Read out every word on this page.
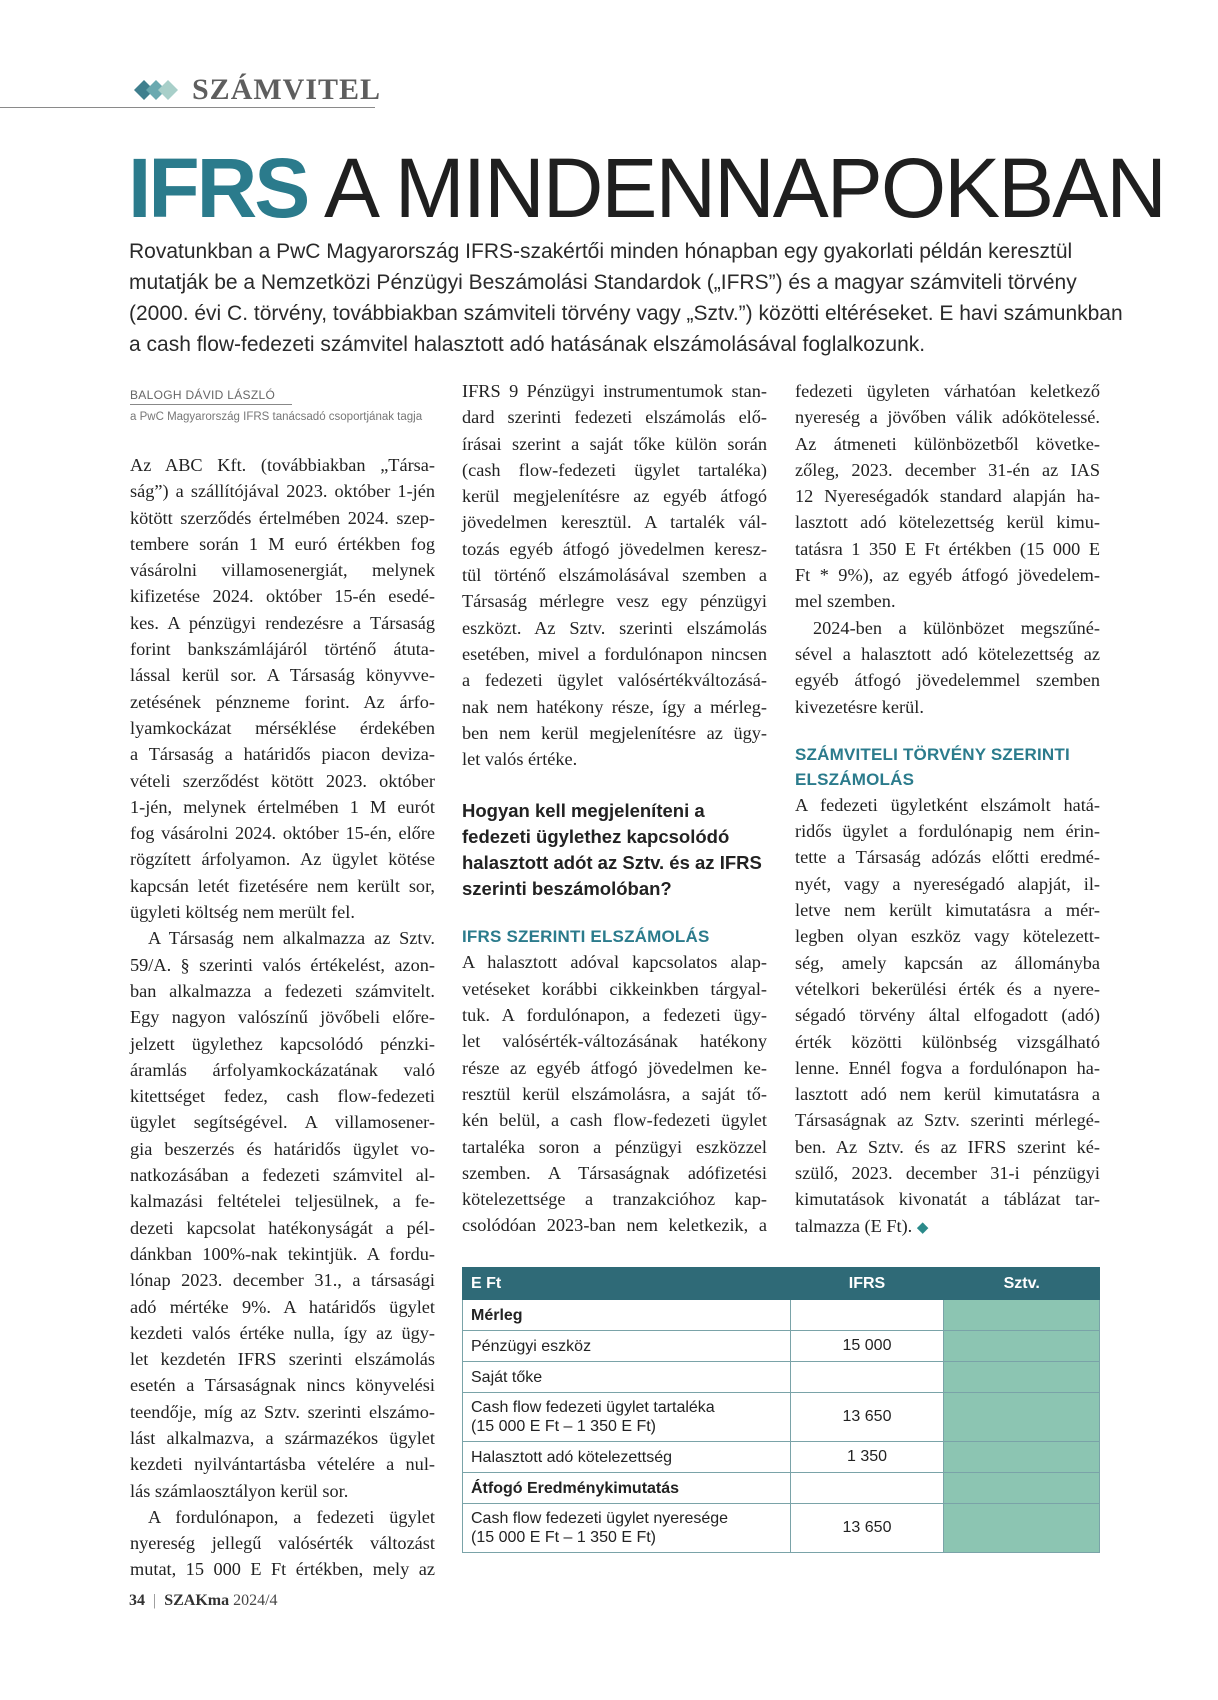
SZÁMVITEL
IFRS A MINDENNAPOKBAN

Rovatunkban a PwC Magyarország IFRS-szakértői minden hónapban egy gyakorlati példán keresztül

mutatják be a Nemzetközi Pénzügyi Beszámolási Standardok („IFRS”) és a magyar számviteli törvény

(2000. évi C. törvény, továbbiakban számviteli törvény vagy „Sztv.”) közötti eltéréseket. E havi számunkban

a cash flow-fedezeti számvitel halasztott adó hatásának elszámolásával foglalkozunk.

BALOGH DÁVID LÁSZLÓ
a PwC Magyarország IFRS tanácsadó csoportjának tagja

Az ABC Kft. (továbbiakban „Társa-
ság”) a szállítójával 2023. október 1-jén
kötött szerződés értelmében 2024. szep-
tembere során 1 M euró értékben fog
vásárolni villamosenergiát, melynek
kifizetése 2024. október 15-én esedé-
kes. A pénzügyi rendezésre a Társaság
forint bankszámlájáról történő átuta-
lással kerül sor. A Társaság könyvve-
zetésének pénzneme forint. Az árfo-
lyamkockázat mérséklése érdekében
a Társaság a határidős piacon deviza-
vételi szerződést kötött 2023. október
1-jén, melynek értelmében 1 M eurót
fog vásárolni 2024. október 15-én, előre
rögzített árfolyamon. Az ügylet kötése
kapcsán letét fizetésére nem került sor,
ügyleti költség nem merült fel.

A Társaság nem alkalmazza az Sztv.
59/A. § szerinti valós értékelést, azon-
ban alkalmazza a fedezeti számvitelt.
Egy nagyon valószínű jövőbeli előre-
jelzett ügylethez kapcsolódó pénzki-
áramlás árfolyamkockázatának való
kitettséget fedez, cash flow-fedezeti
ügylet segítségével. A villamosener-
gia beszerzés és határidős ügylet vo-
natkozásában a fedezeti számvitel al-
kalmazási feltételei teljesülnek, a fe-
dezeti kapcsolat hatékonyságát a pél-
dánkban 100%-nak tekintjük. A fordu-
lónap 2023. december 31., a társasági
adó mértéke 9%. A határidős ügylet
kezdeti valós értéke nulla, így az ügy-
let kezdetén IFRS szerinti elszámolás
esetén a Társaságnak nincs könyvelési
teendője, míg az Sztv. szerinti elszámo-
lást alkalmazva, a származékos ügylet
kezdeti nyilvántartásba vételére a nul-
lás számlaosztályon kerül sor.

A fordulónapon, a fedezeti ügylet
nyereség jellegű valósérték változást
mutat, 15 000 E Ft értékben, mely az

IFRS 9 Pénzügyi instrumentumok stan-
dard szerinti fedezeti elszámolás elő-
írásai szerint a saját tőke külön során
(cash flow-fedezeti ügylet tartaléka)
kerül megjelenítésre az egyéb átfogó
jövedelmen keresztül. A tartalék vál-
tozás egyéb átfogó jövedelmen keresz-
tül történő elszámolásával szemben a
Társaság mérlegre vesz egy pénzügyi
eszközt. Az Sztv. szerinti elszámolás
esetében, mivel a fordulónapon nincsen
a fedezeti ügylet valósértékváltozásá-
nak nem hatékony része, így a mérleg-
ben nem kerül megjelenítésre az ügy-
let valós értéke.

Hogyan kell megjeleníteni a
fedezeti ügylethez kapcsolódó
halasztott adót az Sztv. és az IFRS
szerinti beszámolóban?
IFRS SZERINTI ELSZÁMOLÁS

A halasztott adóval kapcsolatos alap-
vetéseket korábbi cikkeinkben tárgyal-
tuk. A fordulónapon, a fedezeti ügy-
let valósérték-változásának hatékony
része az egyéb átfogó jövedelmen ke-
resztül kerül elszámolásra, a saját tő-
kén belül, a cash flow-fedezeti ügylet
tartaléka soron a pénzügyi eszközzel
szemben. A Társaságnak adófizetési
kötelezettsége a tranzakcióhoz kap-
csolódóan 2023-ban nem keletkezik, a

fedezeti ügyleten várhatóan keletkező
nyereség a jövőben válik adókötelessé.
Az átmeneti különbözetből követke-
zőleg, 2023. december 31-én az IAS
12 Nyereségadók standard alapján ha-
lasztott adó kötelezettség kerül kimu-
tatásra 1 350 E Ft értékben (15 000 E
Ft * 9%), az egyéb átfogó jövedelem-
mel szemben.

2024-ben a különbözet megszűné-
sével a halasztott adó kötelezettség az
egyéb átfogó jövedelemmel szemben
kivezetésre kerül.

SZÁMVITELI TÖRVÉNY SZERINTI
ELSZÁMOLÁS

A fedezeti ügyletként elszámolt hatá-
ridős ügylet a fordulónapig nem érin-
tette a Társaság adózás előtti eredmé-
nyét, vagy a nyereségadó alapját, il-
letve nem került kimutatásra a mér-
legben olyan eszköz vagy kötelezett-
ség, amely kapcsán az állományba
vételkori bekerülési érték és a nyere-
ségadó törvény által elfogadott (adó)
érték közötti különbség vizsgálható
lenne. Ennél fogva a fordulónapon ha-
lasztott adó nem kerül kimutatásra a
Társaságnak az Sztv. szerinti mérlegé-
ben. Az Sztv. és az IFRS szerint ké-
szülő, 2023. december 31-i pénzügyi
kimutatások kivonatát a táblázat tar-
talmazza (E Ft). ◆

E Ft	IFRS	Sztv.

Mérleg		

Pénzügyi eszköz	15 000	

Saját tőke		

Cash flow fedezeti ügylet tartaléka
(15 000 E Ft – 1 350 E Ft)	13 650	

Halasztott adó kötelezettség	1 350	

Átfogó Eredménykimutatás		

Cash flow fedezeti ügylet nyeresége
(15 000 E Ft – 1 350 E Ft)	13 650	
34 | SZAKma 2024/4
